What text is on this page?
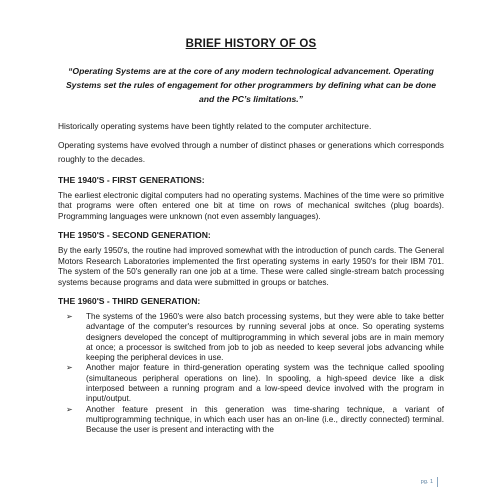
BRIEF HISTORY OF OS
“Operating Systems are at the core of any modern technological advancement. Operating Systems set the rules of engagement for other programmers by defining what can be done and the PC’s limitations.”

Historically operating systems have been tightly related to the computer architecture.

Operating systems have evolved through a number of distinct phases or generations which corresponds roughly to the decades.

THE 1940'S - FIRST GENERATIONS:

The earliest electronic digital computers had no operating systems. Machines of the time were so primitive that programs were often entered one bit at time on rows of mechanical switches (plug boards). Programming languages were unknown (not even assembly languages).

THE 1950'S - SECOND GENERATION:

By the early 1950's, the routine had improved somewhat with the introduction of punch cards. The General Motors Research Laboratories implemented the first operating systems in early 1950's for their IBM 701. The system of the 50's generally ran one job at a time. These were called single-stream batch processing systems because programs and data were submitted in groups or batches.

THE 1960'S - THIRD GENERATION:
➢ The systems of the 1960's were also batch processing systems, but they were able to take better advantage of the computer's resources by running several jobs at once. So operating systems designers developed the concept of multiprogramming in which several jobs are in main memory at once; a processor is switched from job to job as needed to keep several jobs advancing while keeping the peripheral devices in use.
➢ Another major feature in third-generation operating system was the technique called spooling (simultaneous peripheral operations on line). In spooling, a high-speed device like a disk interposed between a running program and a low-speed device involved with the program in input/output.
➢ Another feature present in this generation was time-sharing technique, a variant of multiprogramming technique, in which each user has an on-line (i.e., directly connected) terminal. Because the user is present and interacting with the
pg. 1
